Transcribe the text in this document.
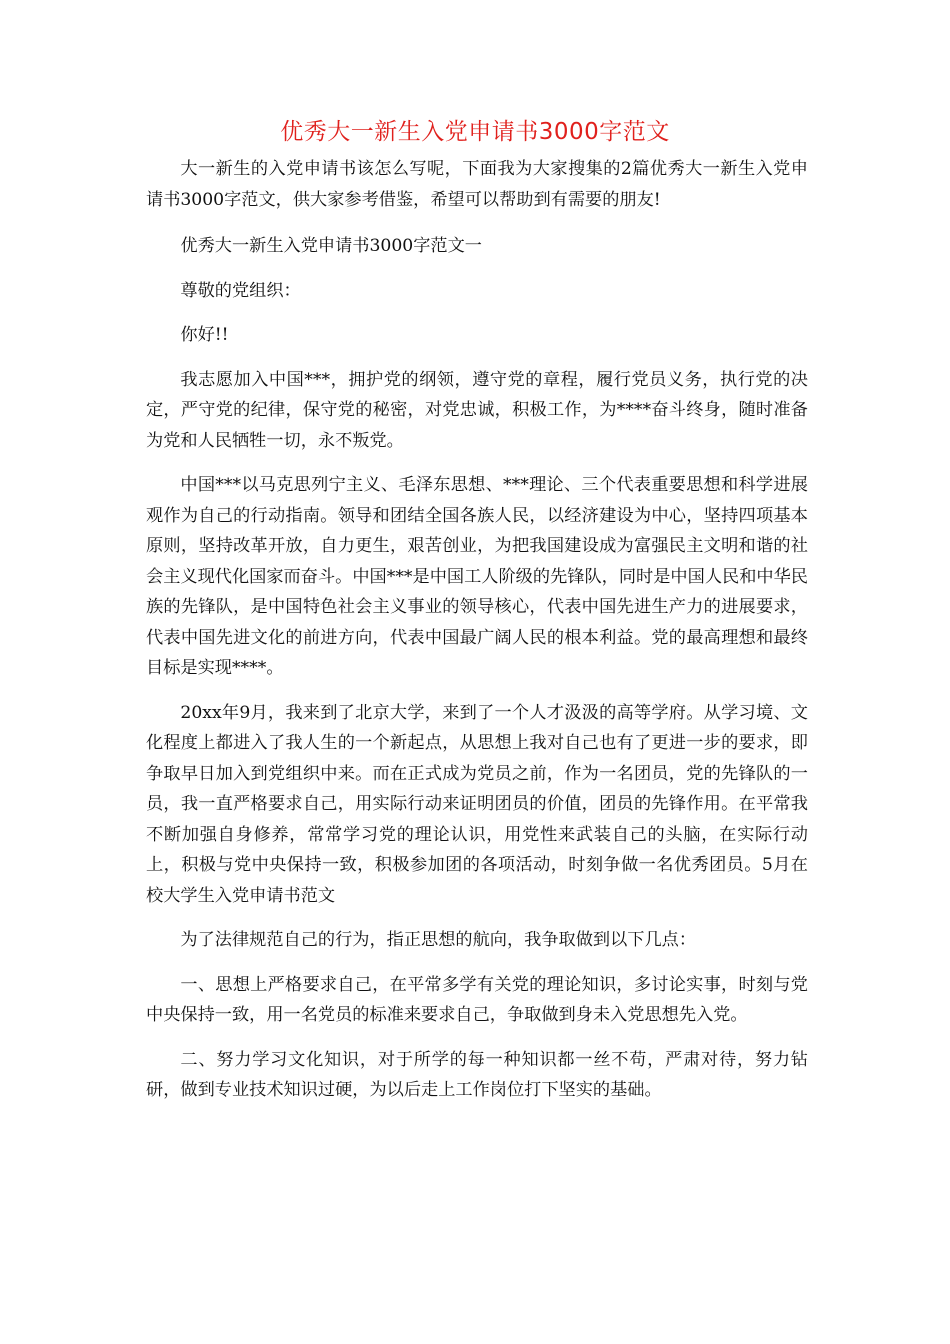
优秀大一新生入党申请书3000字范文

大一新生的入党申请书该怎么写呢，下面我为大家搜集的2篇优秀大一新生入党申请书3000字范文，供大家参考借鉴，希望可以帮助到有需要的朋友!

优秀大一新生入党申请书3000字范文一

尊敬的党组织：

你好!!

我志愿加入中国***，拥护党的纲领，遵守党的章程，履行党员义务，执行党的决定，严守党的纪律，保守党的秘密，对党忠诚，积极工作，为****奋斗终身，随时准备为党和人民牺牲一切，永不叛党。

中国***以马克思列宁主义、毛泽东思想、***理论、三个代表重要思想和科学进展观作为自己的行动指南。领导和团结全国各族人民，以经济建设为中心，坚持四项基本原则，坚持改革开放，自力更生，艰苦创业，为把我国建设成为富强民主文明和谐的社会主义现代化国家而奋斗。中国***是中国工人阶级的先锋队，同时是中国人民和中华民族的先锋队，是中国特色社会主义事业的领导核心，代表中国先进生产力的进展要求，代表中国先进文化的前进方向，代表中国最广阔人民的根本利益。党的最高理想和最终目标是实现****。

20xx年9月，我来到了北京大学，来到了一个人才汲汲的高等学府。从学习境、文化程度上都进入了我人生的一个新起点，从思想上我对自己也有了更进一步的要求，即争取早日加入到党组织中来。而在正式成为党员之前，作为一名团员，党的先锋队的一员，我一直严格要求自己，用实际行动来证明团员的价值，团员的先锋作用。在平常我不断加强自身修养，常常学习党的理论认识，用党性来武装自己的头脑，在实际行动上，积极与党中央保持一致，积极参加团的各项活动，时刻争做一名优秀团员。5月在校大学生入党申请书范文

为了法律规范自己的行为，指正思想的航向，我争取做到以下几点：

一、思想上严格要求自己，在平常多学有关党的理论知识，多讨论实事，时刻与党中央保持一致，用一名党员的标准来要求自己，争取做到身未入党思想先入党。

二、努力学习文化知识，对于所学的每一种知识都一丝不苟，严肃对待，努力钻研，做到专业技术知识过硬，为以后走上工作岗位打下坚实的基础。
